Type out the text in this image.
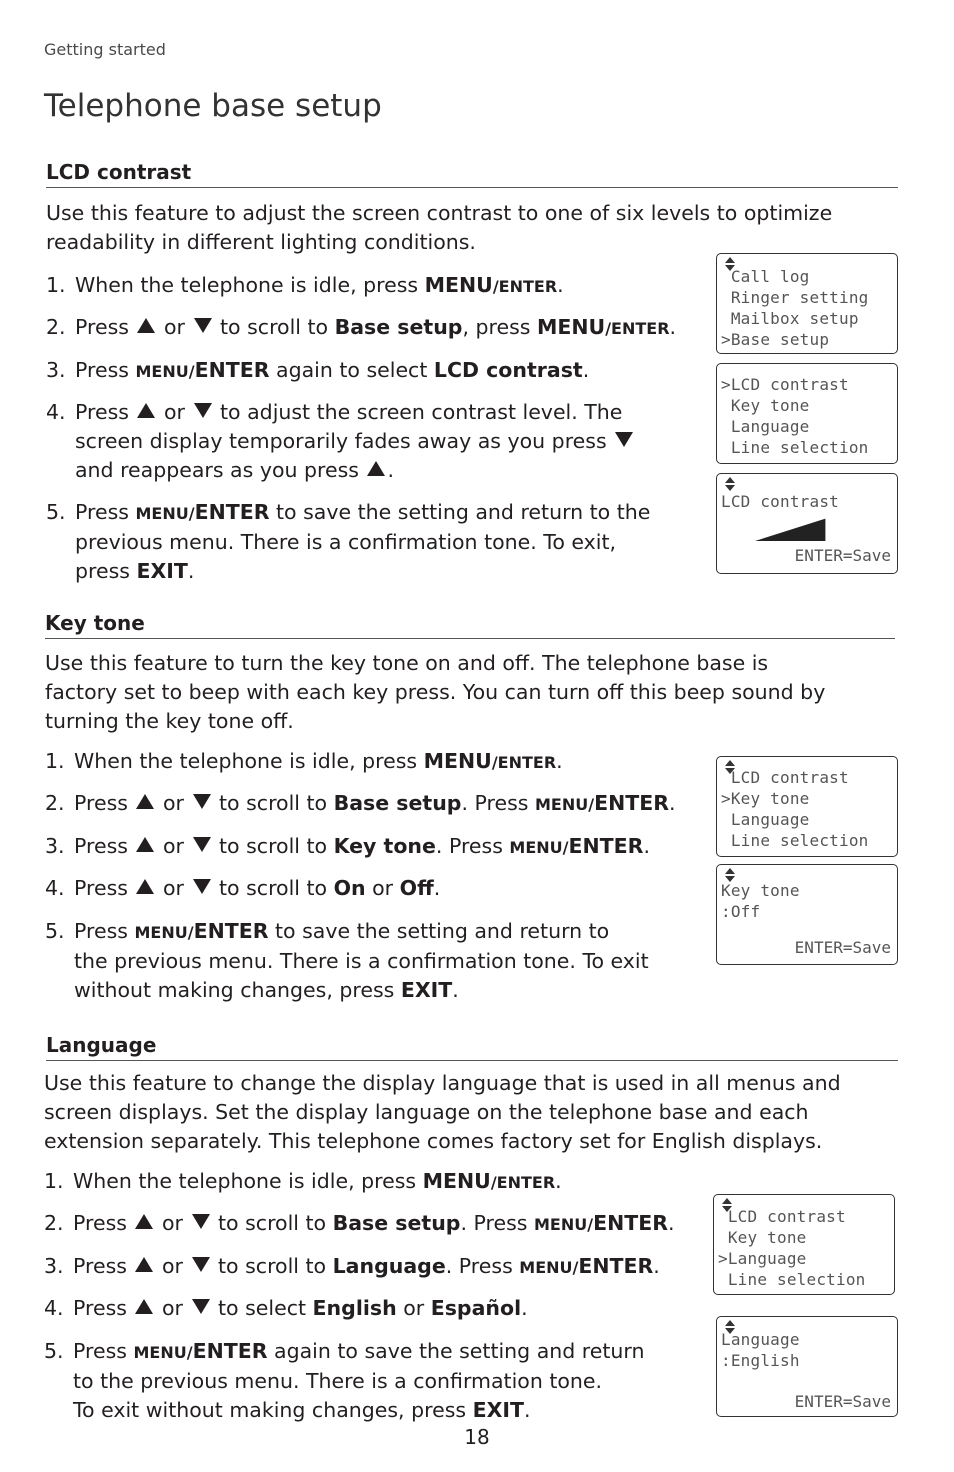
Getting started
Telephone base setup
LCD contrast
Use this feature to adjust the screen contrast to one of six levels to optimize readability in different lighting conditions.
1. When the telephone is idle, press MENU/ENTER.
2. Press  or  to scroll to Base setup, press MENU/ENTER.
3. Press MENU/ENTER again to select LCD contrast.
4. Press  or  to adjust the screen contrast level. The
screen display temporarily fades away as you press
and reappears as you press .
5. Press MENU/ENTER to save the setting and return to the
previous menu. There is a confirmation tone. To exit,
press EXIT.
Call log
Ringer setting
Mailbox setup
>Base setup
>LCD contrast
Key tone
Language
Line selection
LCD contrast
ENTER=Save
Key tone
Use this feature to turn the key tone on and off. The telephone base is
factory set to beep with each key press. You can turn off this beep sound by
turning the key tone off.
1. When the telephone is idle, press MENU/ENTER.
2. Press  or  to scroll to Base setup. Press MENU/ENTER.
3. Press  or  to scroll to Key tone. Press MENU/ENTER.
4. Press  or  to scroll to On or Off.
5. Press MENU/ENTER to save the setting and return to
the previous menu. There is a confirmation tone. To exit
without making changes, press EXIT.
LCD contrast
>Key tone
Language
Line selection
Key tone
:Off
ENTER=Save
Language
Use this feature to change the display language that is used in all menus and
screen displays. Set the display language on the telephone base and each
extension separately. This telephone comes factory set for English displays.
1. When the telephone is idle, press MENU/ENTER.
2. Press  or  to scroll to Base setup. Press MENU/ENTER.
3. Press  or  to scroll to Language. Press MENU/ENTER.
4. Press  or  to select English or Español.
5. Press MENU/ENTER again to save the setting and return
to the previous menu. There is a confirmation tone.
To exit without making changes, press EXIT.
LCD contrast
Key tone
>Language
Line selection
Language
:English
ENTER=Save
18
